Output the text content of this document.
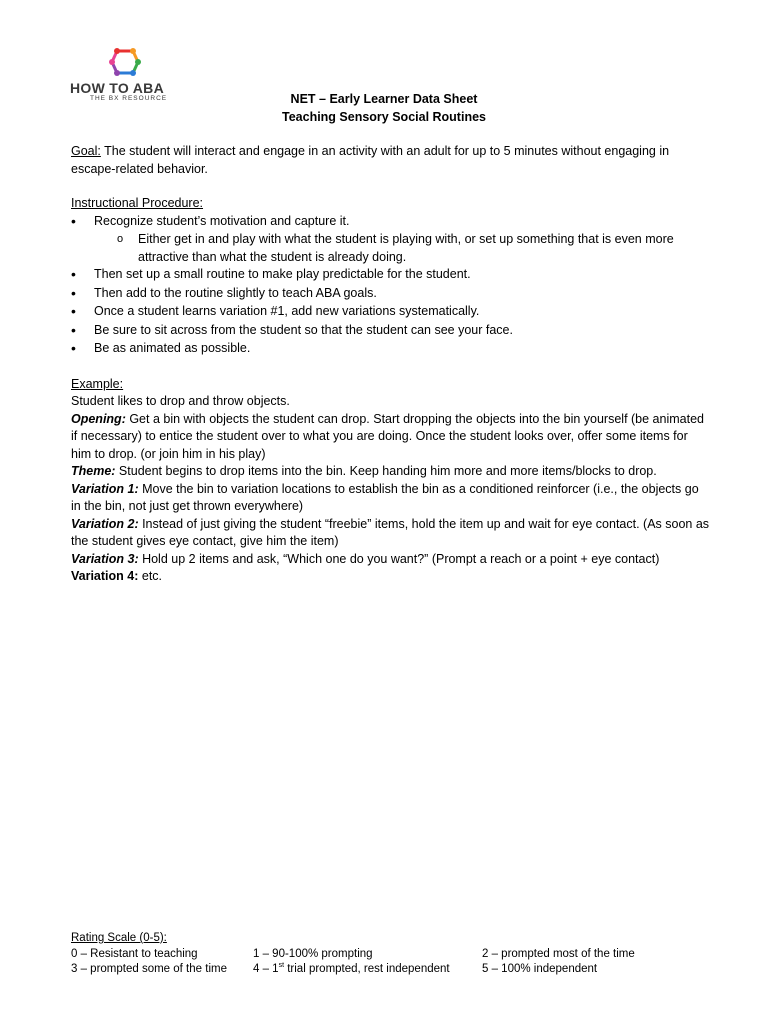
HOW TO ABA
THE BX RESOURCE	NET – Early Learner Data Sheet
Teaching Sensory Social Routines
Goal: The student will interact and engage in an activity with an adult for up to 5 minutes without engaging in escape-related behavior.
Instructional Procedure:
• Recognize student’s motivation and capture it.
o Either get in and play with what the student is playing with, or set up something that is even more attractive than what the student is already doing.
• Then set up a small routine to make play predictable for the student.
• Then add to the routine slightly to teach ABA goals.
• Once a student learns variation #1, add new variations systematically.
• Be sure to sit across from the student so that the student can see your face.
• Be as animated as possible.
Example:
Student likes to drop and throw objects.
Opening: Get a bin with objects the student can drop. Start dropping the objects into the bin yourself (be animated if necessary) to entice the student over to what you are doing. Once the student looks over, offer some items for him to drop. (or join him in his play)
Theme: Student begins to drop items into the bin. Keep handing him more and more items/blocks to drop.
Variation 1: Move the bin to variation locations to establish the bin as a conditioned reinforcer (i.e., the objects go in the bin, not just get thrown everywhere)
Variation 2: Instead of just giving the student “freebie” items, hold the item up and wait for eye contact. (As soon as the student gives eye contact, give him the item)
Variation 3: Hold up 2 items and ask, “Which one do you want?” (Prompt a reach or a point + eye contact)
Variation 4: etc.
Rating Scale (0-5):
0 – Resistant to teaching	1 – 90-100% prompting	2 – prompted most of the time
3 – prompted some of the time	4 – 1st trial prompted, rest independent	5 – 100% independent
